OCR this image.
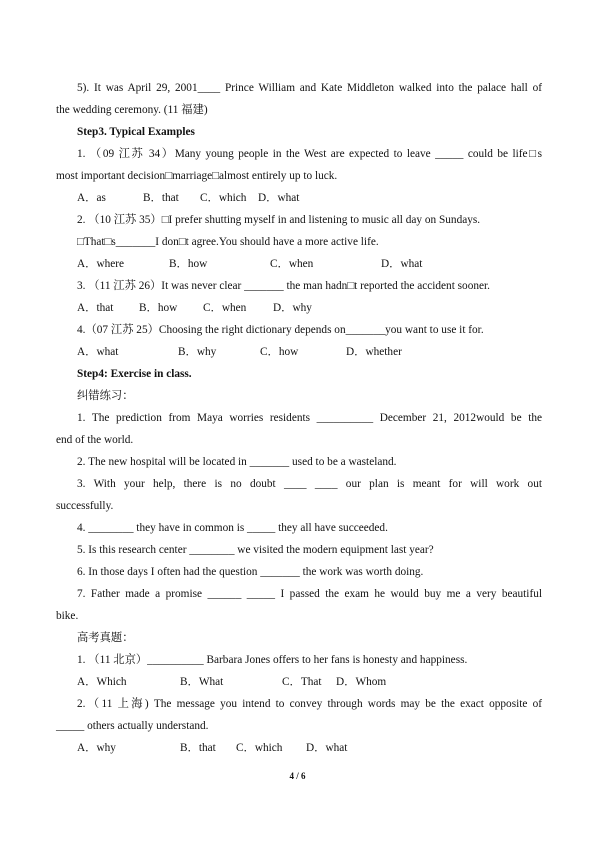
5). It was April 29, 2001____ Prince William and Kate Middleton walked into the palace hall of
the wedding ceremony. (11 福建)
Step3. Typical Examples
1. （09 江苏 34）Many young people in the West are expected to leave _____ could be life□s
most important decision□marriage□almost entirely up to luck.
A．as	B．that C．which D．what
2. （10 江苏 35）□I prefer shutting myself in and listening to music all day on Sundays.
□That□s_______I don□t agree.You should have a more active life.
A．where	B．how	C．when	D．what
3. （11 江苏 26）It was never clear _______ the man hadn□t reported the accident sooner.
A．that B．how C．when D．why
4.（07 江苏 25）Choosing the right dictionary depends on_______you want to use it for.
A．what	B．why	C．how	D．whether
Step4: Exercise in class.
纠错练习：
1. The prediction from Maya worries residents __________ December 21, 2012would be the
end of the world.
2. The new hospital will be located in _______ used to be a wasteland.
3. With your help, there is no doubt ____ ____ our plan is meant for will work out
successfully.
4. ________ they have in common is _____ they all have succeeded.
5. Is this research center ________ we visited the modern equipment last year?
6. In those days I often had the question _______ the work was worth doing.
7. Father made a promise ______ _____ I passed the exam he would buy me a very beautiful
bike.
高考真题：
1. （11 北京）__________ Barbara Jones offers to her fans is honesty and happiness.
A．Which	B．What	C．That D．Whom
2.（11 上海) The message you intend to convey through words may be the exact opposite of
_____ others actually understand.
A．why	B．that C．which D．what
4 / 6
